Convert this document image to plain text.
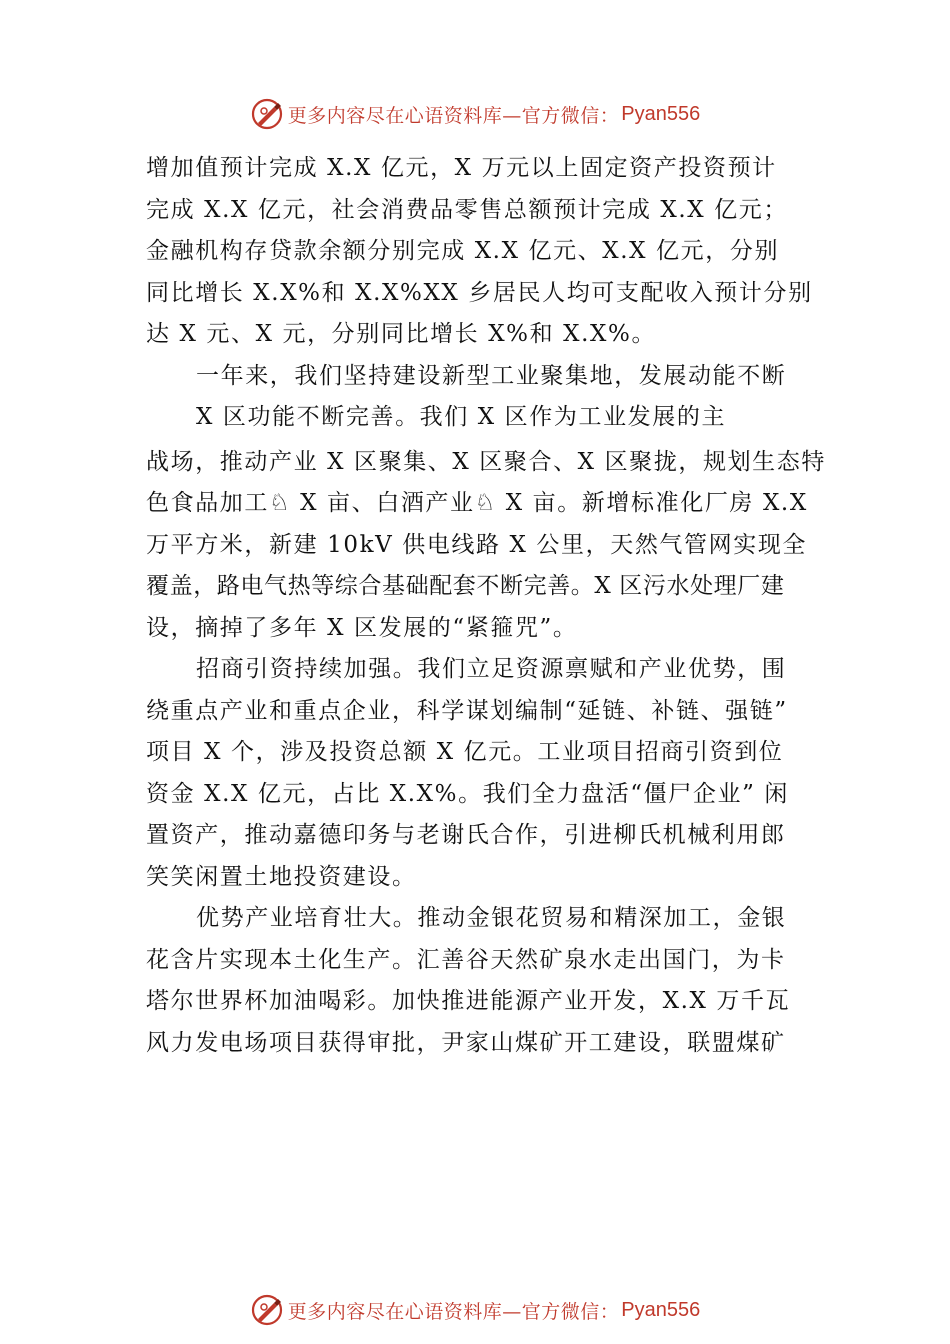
更多内容尽在心语资料库—官方微信： Pyan556
增加值预计完成 X.X 亿元，X 万元以上固定资产投资预计
完成 X.X 亿元，社会消费品零售总额预计完成 X.X 亿元；
金融机构存贷款余额分别完成 X.X 亿元、X.X 亿元，分别
同比增长 X.X%和 X.X%XX 乡居民人均可支配收入预计分别
达 X 元、X 元，分别同比增长 X%和 X.X%。
一年来，我们坚持建设新型工业聚集地，发展动能不断
X 区功能不断完善。我们 X 区作为工业发展的主
战场，推动产业 X 区聚集、X 区聚合、X 区聚拢，规划生态特
色食品加工♘ X 亩、白酒产业♘ X 亩。新增标准化厂房 X.X
万平方米，新建 10kV 供电线路 X 公里，天然气管网实现全
覆盖，路电气热等综合基础配套不断完善。X 区污水处理厂建
设，摘掉了多年 X 区发展的“紧箍咒”。
招商引资持续加强。我们立足资源禀赋和产业优势，围
绕重点产业和重点企业，科学谋划编制“延链、补链、强链”
项目 X 个，涉及投资总额 X 亿元。工业项目招商引资到位
资金 X.X 亿元，占比 X.X%。我们全力盘活“僵尸企业” 闲
置资产，推动嘉德印务与老谢氏合作，引进柳氏机械利用郎
笑笑闲置土地投资建设。
优势产业培育壮大。推动金银花贸易和精深加工，金银
花含片实现本土化生产。汇善谷天然矿泉水走出国门，为卡
塔尔世界杯加油喝彩。加快推进能源产业开发，X.X 万千瓦
风力发电场项目获得审批，尹家山煤矿开工建设，联盟煤矿
更多内容尽在心语资料库—官方微信： Pyan556
